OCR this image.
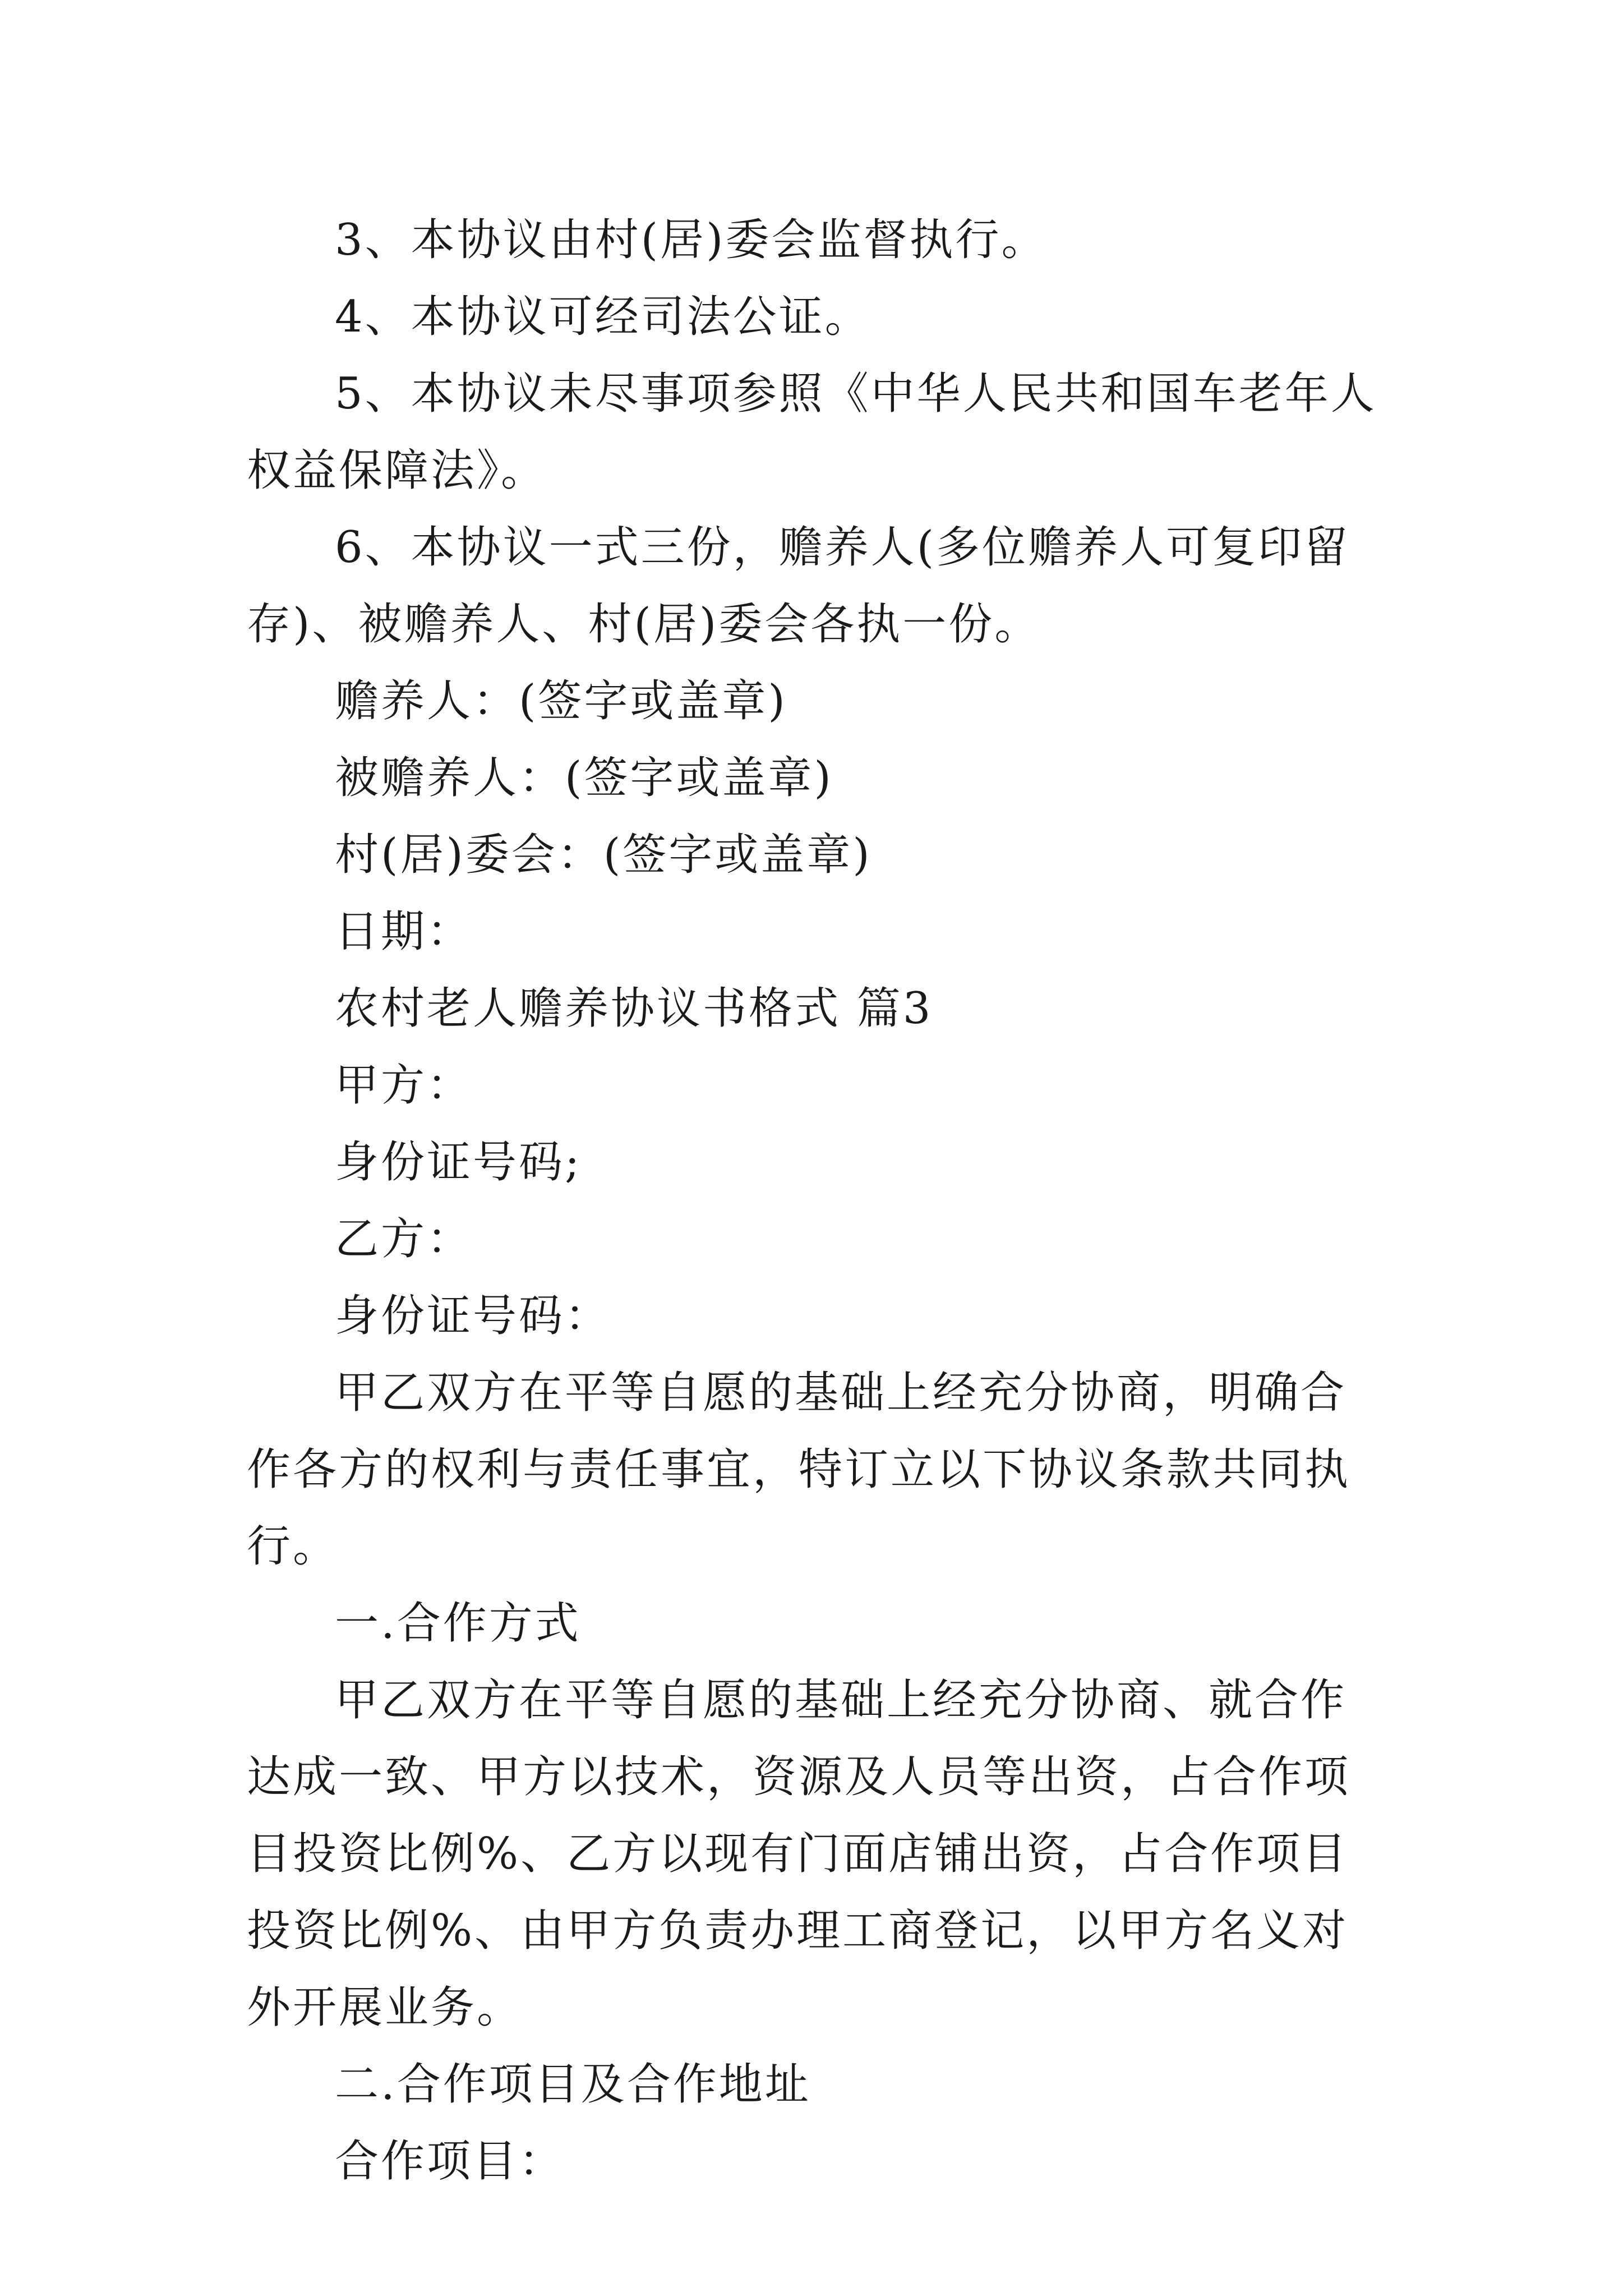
3、本协议由村(居)委会监督执行。

4、本协议可经司法公证。

5、本协议未尽事项参照《中华人民共和国车老年人权益保障法》。

6、本协议一式三份，赡养人(多位赡养人可复印留存)、被赡养人、村(居)委会各执一份。

赡养人：(签字或盖章)

被赡养人：(签字或盖章)

村(居)委会：(签字或盖章)

日期：

农村老人赡养协议书格式 篇3

甲方：

身份证号码;

乙方：

身份证号码：

甲乙双方在平等自愿的基础上经充分协商，明确合作各方的权利与责任事宜，特订立以下协议条款共同执行。

一.合作方式

甲乙双方在平等自愿的基础上经充分协商、就合作达成一致、甲方以技术，资源及人员等出资，占合作项目投资比例%、乙方以现有门面店铺出资，占合作项目投资比例%、由甲方负责办理工商登记，以甲方名义对外开展业务。

二.合作项目及合作地址

合作项目：
